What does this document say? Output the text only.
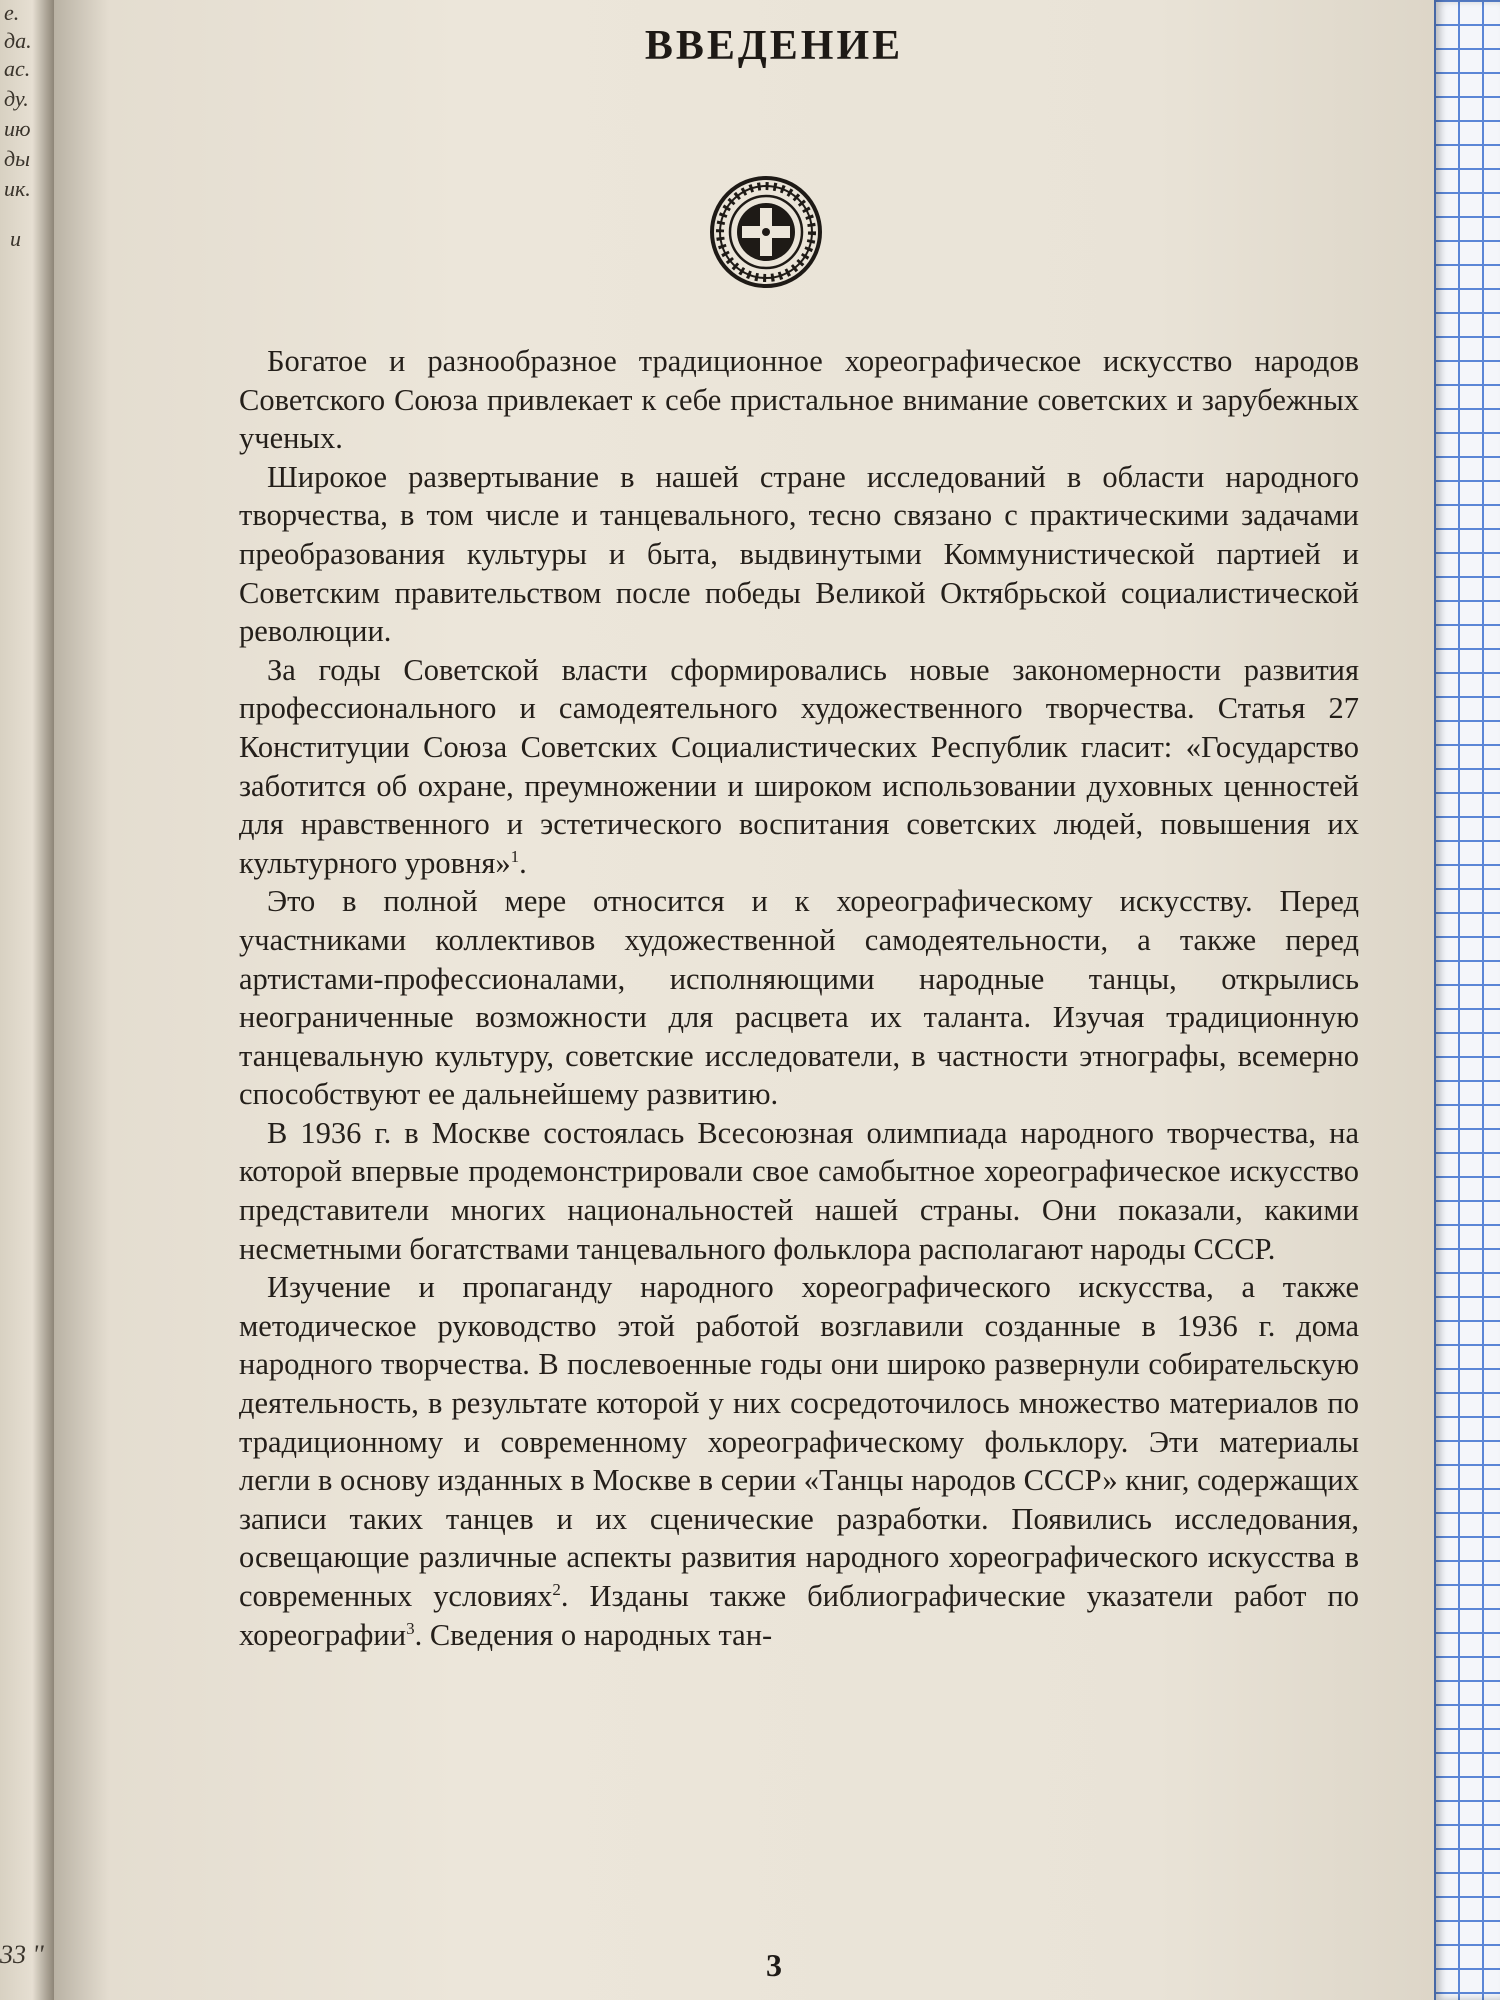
е.
да.
ас.
ду.
ию
ды
ик.
и
33 ''
ВВЕДЕНИЕ

Богатое и разнообразное традиционное хореографическое искусство народов Советского Союза привлекает к себе пристальное внимание советских и зарубежных ученых.

Широкое развертывание в нашей стране исследований в области народного творчества, в том числе и танцевального, тесно связано с практическими задачами преобразования культуры и быта, выдвинутыми Коммунистической партией и Советским правительством после победы Великой Октябрьской социалистической революции.

За годы Советской власти сформировались новые закономерности развития профессионального и самодеятельного художественного творчества. Статья 27 Конституции Союза Советских Социалистических Республик гласит: «Государство заботится об охране, преумножении и широком использовании духовных ценностей для нравственного и эстетического воспитания советских людей, повышения их культурного уровня»$^1$.

Это в полной мере относится и к хореографическому искусству. Перед участниками коллективов художественной самодеятельности, а также перед артистами-профессионалами, исполняющими народные танцы, открылись неограниченные возможности для расцвета их таланта. Изучая традиционную танцевальную культуру, советские исследователи, в частности этнографы, всемерно способствуют ее дальнейшему развитию.

В 1936 г. в Москве состоялась Всесоюзная олимпиада народного творчества, на которой впервые продемонстрировали свое самобытное хореографическое искусство представители многих национальностей нашей страны. Они показали, какими несметными богатствами танцевального фольклора располагают народы СССР.

Изучение и пропаганду народного хореографического искусства, а также методическое руководство этой работой возглавили созданные в 1936 г. дома народного творчества. В послевоенные годы они широко развернули собирательскую деятельность, в результате которой у них сосредоточилось множество материалов по традиционному и современному хореографическому фольклору. Эти материалы легли в основу изданных в Москве в серии «Танцы народов СССР» книг, содержащих записи таких танцев и их сценические разработки. Появились исследования, освещающие различные аспекты развития народного хореографического искусства в современных условиях$^2$. Изданы также библиографические указатели работ по хореографии$^3$. Сведения о народных тан-

3
